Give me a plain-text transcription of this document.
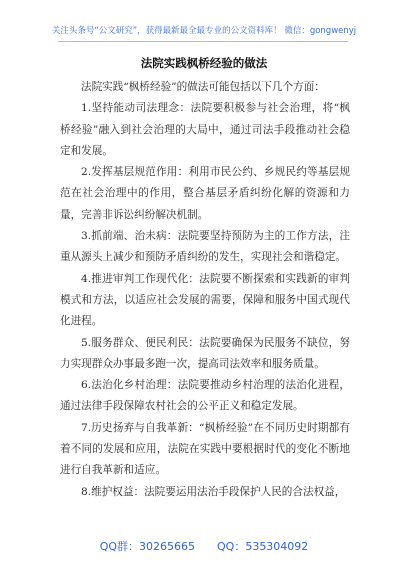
关注头条号“公文研究”，获得最新最全最专业的公文资料库！ 微信：gongwenyj
法院实践枫桥经验的做法

法院实践“枫桥经验”的做法可能包括以下几个方面：

1.坚持能动司法理念：法院要积极参与社会治理，将“枫桥经验”融入到社会治理的大局中，通过司法手段推动社会稳定和发展。

2.发挥基层规范作用：利用市民公约、乡规民约等基层规范在社会治理中的作用，整合基层矛盾纠纷化解的资源和力量，完善非诉讼纠纷解决机制。

3.抓前端、治未病：法院要坚持预防为主的工作方法，注重从源头上减少和预防矛盾纠纷的发生，实现社会和谐稳定。

4.推进审判工作现代化：法院要不断探索和实践新的审判模式和方法，以适应社会发展的需要，保障和服务中国式现代化进程。

5.服务群众、便民利民：法院要确保为民服务不缺位，努力实现群众办事最多跑一次，提高司法效率和服务质量。

6.法治化乡村治理：法院要推动乡村治理的法治化进程，通过法律手段保障农村社会的公平正义和稳定发展。

7.历史扬弃与自我革新：“枫桥经验”在不同历史时期都有着不同的发展和应用，法院在实践中要根据时代的变化不断地进行自我革新和适应。

8.维护权益：法院要运用法治手段保护人民的合法权益，

QQ群：30265665 QQ：535304092
